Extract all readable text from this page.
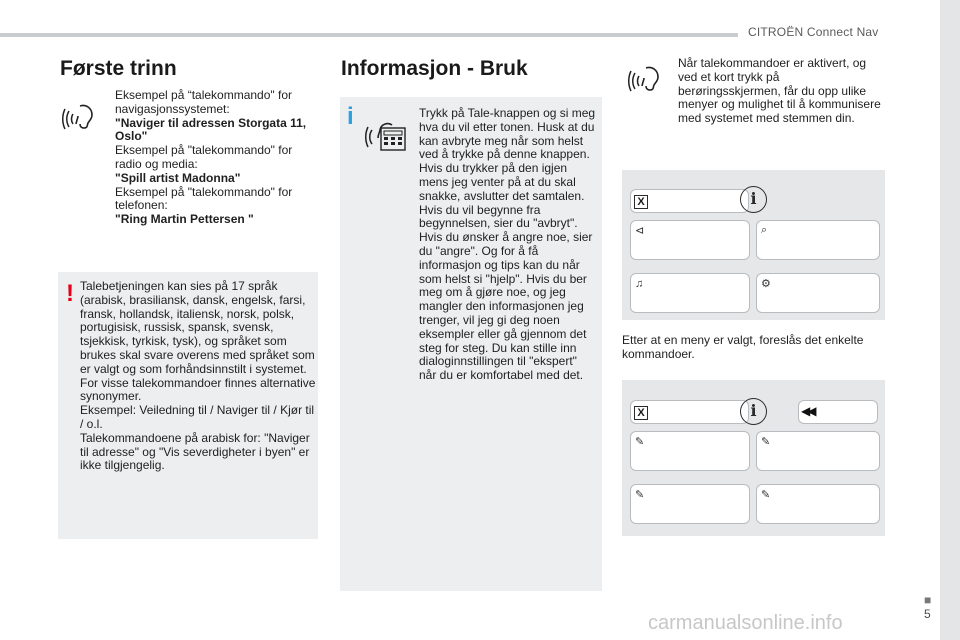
CITROËN Connect Nav
■
5
Første trinn
Eksempel på “talekommando" for navigasjonssystemet:
"Naviger til adressen Storgata 11, Oslo"
Eksempel på "talekommando" for radio og media:
"Spill artist Madonna"
Eksempel på "talekommando" for telefonen:
"Ring Martin Pettersen "
! Talebetjeningen kan sies på 17 språk (arabisk, brasiliansk, dansk, engelsk, farsi, fransk, hollandsk, italiensk, norsk, polsk, portugisisk, russisk, spansk, svensk, tsjekkisk, tyrkisk, tysk), og språket som brukes skal svare overens med språket som er valgt og som forhåndsinnstilt i systemet.
For visse talekommandoer finnes alternative synonymer.
Eksempel: Veiledning til / Naviger til / Kjør til / o.l.
Talekommandoene på arabisk for: "Naviger til adresse" og "Vis severdigheter i byen" er ikke tilgjengelig.
Informasjon - Bruk
i	Trykk på Tale-knappen og si meg hva du vil etter tonen. Husk at du kan avbryte meg når som helst ved å trykke på denne knappen. Hvis du trykker på den igjen mens jeg venter på at du skal snakke, avslutter det samtalen. Hvis du vil begynne fra begynnelsen, sier du "avbryt". Hvis du ønsker å angre noe, sier du "angre". Og for å få informasjon og tips kan du når som helst si "hjelp". Hvis du ber meg om å gjøre noe, og jeg mangler den informasjonen jeg trenger, vil jeg gi deg noen eksempler eller gå gjennom det steg for steg. Du kan stille inn dialoginnstillingen til "ekspert" når du er komfortabel med det.
Når talekommandoer er aktivert, og ved et kort trykk på berøringsskjermen, får du opp ulike menyer og mulighet til å kommunisere med systemet med stemmen din.
X	i
⊲	⌕
♫	⚙
Etter at en meny er valgt, foreslås det enkelte kommandoer.
X	i	◀◀
✎	✎
✎	✎
carmanualsonline.info
